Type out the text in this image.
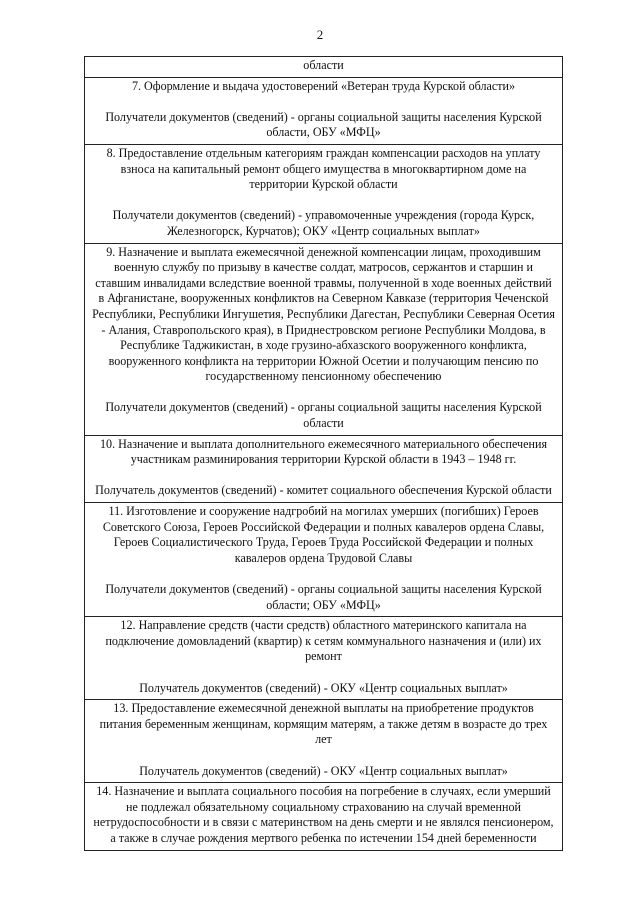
2

области

7. Оформление и выдача удостоверений «Ветеран труда Курской области»

Получатели документов (сведений) - органы социальной защиты населения Курской области, ОБУ «МФЦ»

8. Предоставление отдельным категориям граждан компенсации расходов на уплату взноса на капитальный ремонт общего имущества в многоквартирном доме на территории Курской области

Получатели документов (сведений) - управомоченные учреждения (города Курск, Железногорск, Курчатов); ОКУ «Центр социальных выплат»

9. Назначение и выплата ежемесячной денежной компенсации лицам, проходившим военную службу по призыву в качестве солдат, матросов, сержантов и старшин и ставшим инвалидами вследствие военной травмы, полученной в ходе военных действий в Афганистане, вооруженных конфликтов на Северном Кавказе (территория Чеченской Республики, Республики Ингушетия, Республики Дагестан, Республики Северная Осетия - Алания, Ставропольского края), в Приднестровском регионе Республики Молдова, в Республике Таджикистан, в ходе грузино-абхазского вооруженного конфликта, вооруженного конфликта на территории Южной Осетии и получающим пенсию по государственному пенсионному обеспечению

Получатели документов (сведений) - органы социальной защиты населения Курской области

10. Назначение и выплата дополнительного ежемесячного материального обеспечения участникам разминирования территории Курской области в 1943 – 1948 гг.

Получатель документов (сведений) - комитет социального обеспечения Курской области

11. Изготовление и сооружение надгробий на могилах умерших (погибших) Героев Советского Союза, Героев Российской Федерации и полных кавалеров ордена Славы, Героев Социалистического Труда, Героев Труда Российской Федерации и полных кавалеров ордена Трудовой Славы

Получатели документов (сведений) - органы социальной защиты населения Курской области; ОБУ «МФЦ»

12. Направление средств (части средств) областного материнского капитала на подключение домовладений (квартир) к сетям коммунального назначения и (или) их ремонт

Получатель документов (сведений) - ОКУ «Центр социальных выплат»

13. Предоставление ежемесячной денежной выплаты на приобретение продуктов питания беременным женщинам, кормящим матерям, а также детям в возрасте до трех лет

Получатель документов (сведений) - ОКУ «Центр социальных выплат»

14. Назначение и выплата социального пособия на погребение в случаях, если умерший не подлежал обязательному социальному страхованию на случай временной нетрудоспособности и в связи с материнством на день смерти и не являлся пенсионером, а также в случае рождения мертвого ребенка по истечении 154 дней беременности
